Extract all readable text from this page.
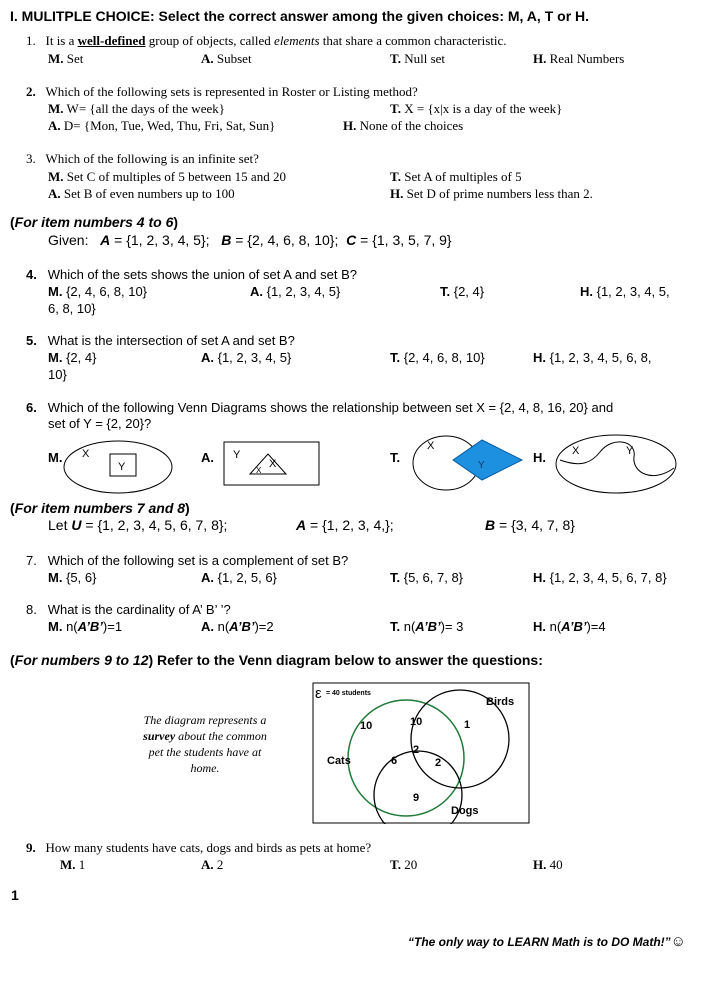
I. MULITPLE CHOICE: Select the correct answer among the given choices: M, A, T or H.
1. It is a well-defined group of objects, called elements that share a common characteristic.
M. Set	A. Subset	T. Null set	H. Real Numbers
2. Which of the following sets is represented in Roster or Listing method?
M. W= {all the days of the week}	T. X = {x|x is a day of the week}
A. D= {Mon, Tue, Wed, Thu, Fri, Sat, Sun}	H. None of the choices
3. Which of the following is an infinite set?
M. Set C of multiples of 5 between 15 and 20	T. Set A of multiples of 5
A. Set B of even numbers up to 100	H. Set D of prime numbers less than 2.
(For item numbers 4 to 6)
Given: A = {1, 2, 3, 4, 5}; B = {2, 4, 6, 8, 10}; C = {1, 3, 5, 7, 9}
4. Which of the sets shows the union of set A and set B?
M. {2, 4, 6, 8, 10}	A. {1, 2, 3, 4, 5}	T. {2, 4}	H. {1, 2, 3, 4, 5,
6, 8, 10}
5. What is the intersection of set A and set B?
M. {2, 4}	A. {1, 2, 3, 4, 5}	T. {2, 4, 6, 8, 10}	H. {1, 2, 3, 4, 5, 6, 8,
10}
6. Which of the following Venn Diagrams shows the relationship between set X = {2, 4, 8, 16, 20} and
set of Y = {2, 20}?
M.	A.	T.	H.
X
Y
Y
X
X
X
Y
X	Y
(For item numbers 7 and 8)
Let U = {1, 2, 3, 4, 5, 6, 7, 8};	A = {1, 2, 3, 4,};	B = {3, 4, 7, 8}
7. Which of the following set is a complement of set B?
M. {5, 6}	A. {1, 2, 5, 6}	T. {5, 6, 7, 8}	H. {1, 2, 3, 4, 5, 6, 7, 8}
8. What is the cardinality of A’ B’ ’?
M. n(A’B’)=1	A. n(A’B’)=2	T. n(A’B’)= 3	H. n(A’B’)=4
(For numbers 9 to 12) Refer to the Venn diagram below to answer the questions:
The diagram represents a
survey about the common
pet the students have at
home.
ε = 40 students
Birds
Cats
Dogs
10	10	1
2
6	2
9
9. How many students have cats, dogs and birds as pets at home?
M. 1	A. 2	T. 20	H. 40
1
“The only way to LEARN Math is to DO Math!”☺
